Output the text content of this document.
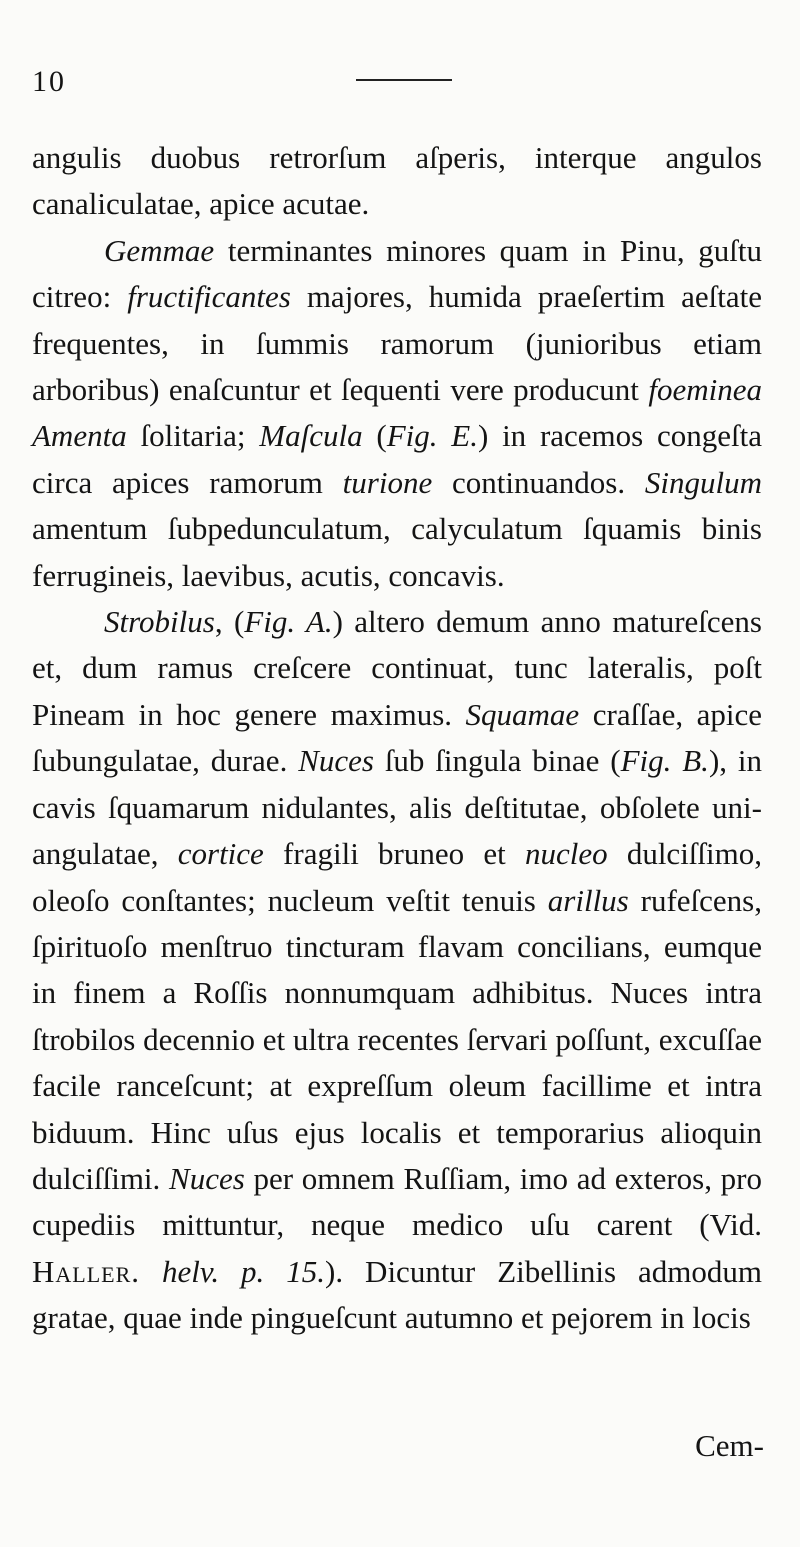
10

angulis duobus retrorſum aſperis, interque angulos canaliculatae, apice acutae.

Gemmae terminantes minores quam in Pinu, guſtu citreo: fructificantes majores, humida praeſertim aeſtate frequentes, in ſummis ramorum (junioribus etiam arboribus) enaſcuntur et ſequenti vere producunt foeminea Amenta ſolitaria; Maſcula (Fig. E.) in racemos congeſta circa apices ramorum turione continuandos. Singulum amentum ſubpedunculatum, calyculatum ſquamis binis ferrugineis, laevibus, acutis, concavis.

Strobilus, (Fig. A.) altero demum anno matureſcens et, dum ramus creſcere continuat, tunc lateralis, poſt Pineam in hoc genere maximus. Squamae craſſae, apice ſubungulatae, durae. Nuces ſub ſingula binae (Fig. B.), in cavis ſquamarum nidulantes, alis deſtitutae, obſolete uni-angulatae, cortice fragili bruneo et nucleo dulciſſimo, oleoſo conſtantes; nucleum veſtit tenuis arillus rufeſcens, ſpirituoſo menſtruo tincturam flavam concilians, eumque in finem a Roſſis nonnumquam adhibitus. Nuces intra ſtrobilos decennio et ultra recentes ſervari poſſunt, excuſſae facile ranceſcunt; at expreſſum oleum facillime et intra biduum. Hinc uſus ejus localis et temporarius alioquin dulciſſimi. Nuces per omnem Ruſſiam, imo ad exteros, pro cupediis mittuntur, neque medico uſu carent (Vid. Haller. helv. p. 15.). Dicuntur Zibellinis admodum gratae, quae inde pingueſcunt autumno et pejorem in locis

Cem-
